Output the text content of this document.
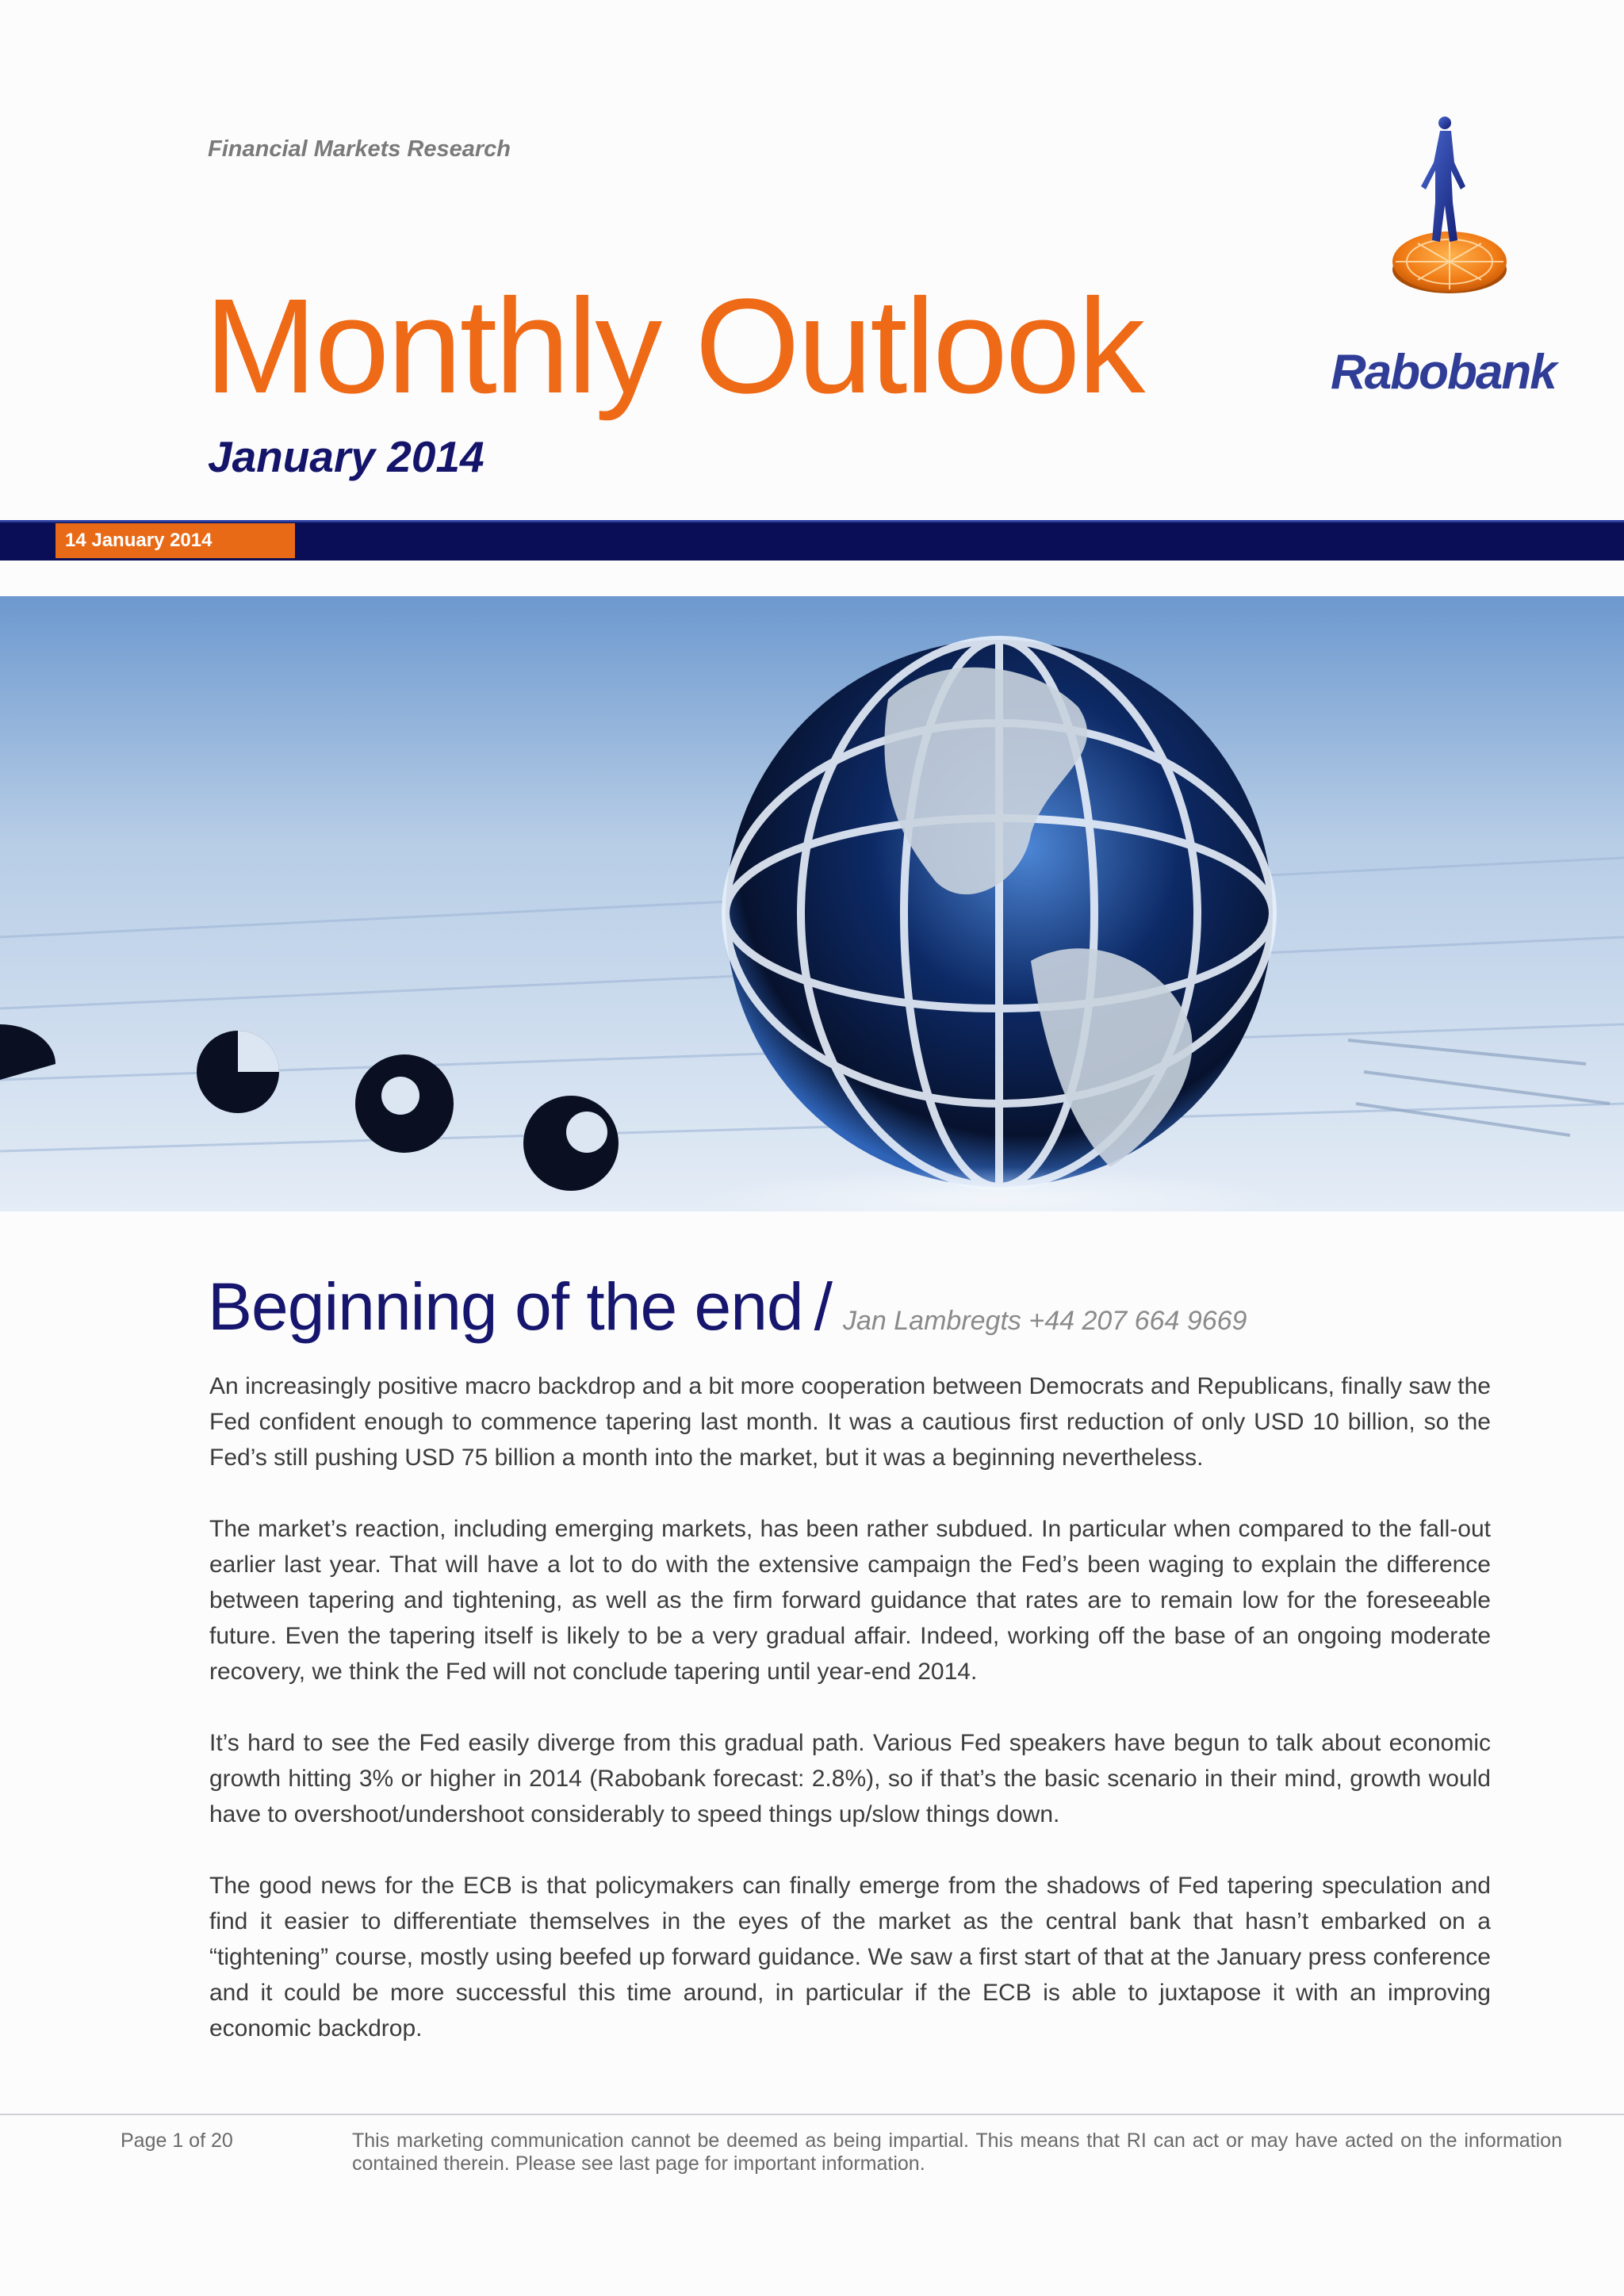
Financial Markets Research
Monthly Outlook
January 2014
Rabobank
14 January 2014
Beginning of the end / Jan Lambregts +44 207 664 9669

An increasingly positive macro backdrop and a bit more cooperation between Democrats and Republicans, finally saw the Fed confident enough to commence tapering last month. It was a cautious first reduction of only USD 10 billion, so the Fed’s still pushing USD 75 billion a month into the market, but it was a beginning nevertheless.

The market’s reaction, including emerging markets, has been rather subdued. In particular when compared to the fall-out earlier last year. That will have a lot to do with the extensive campaign the Fed’s been waging to explain the difference between tapering and tightening, as well as the firm forward guidance that rates are to remain low for the foreseeable future. Even the tapering itself is likely to be a very gradual affair. Indeed, working off the base of an ongoing moderate recovery, we think the Fed will not conclude tapering until year-end 2014.

It’s hard to see the Fed easily diverge from this gradual path. Various Fed speakers have begun to talk about economic growth hitting 3% or higher in 2014 (Rabobank forecast: 2.8%), so if that’s the basic scenario in their mind, growth would have to overshoot/undershoot considerably to speed things up/slow things down.

The good news for the ECB is that policymakers can finally emerge from the shadows of Fed tapering speculation and find it easier to differentiate themselves in the eyes of the market as the central bank that hasn’t embarked on a “tightening” course, mostly using beefed up forward guidance. We saw a first start of that at the January press conference and it could be more successful this time around, in particular if the ECB is able to juxtapose it with an improving economic backdrop.

Page 1 of 20	This marketing communication cannot be deemed as being impartial. This means that RI can act or may have acted on the information contained therein. Please see last page for important information.
